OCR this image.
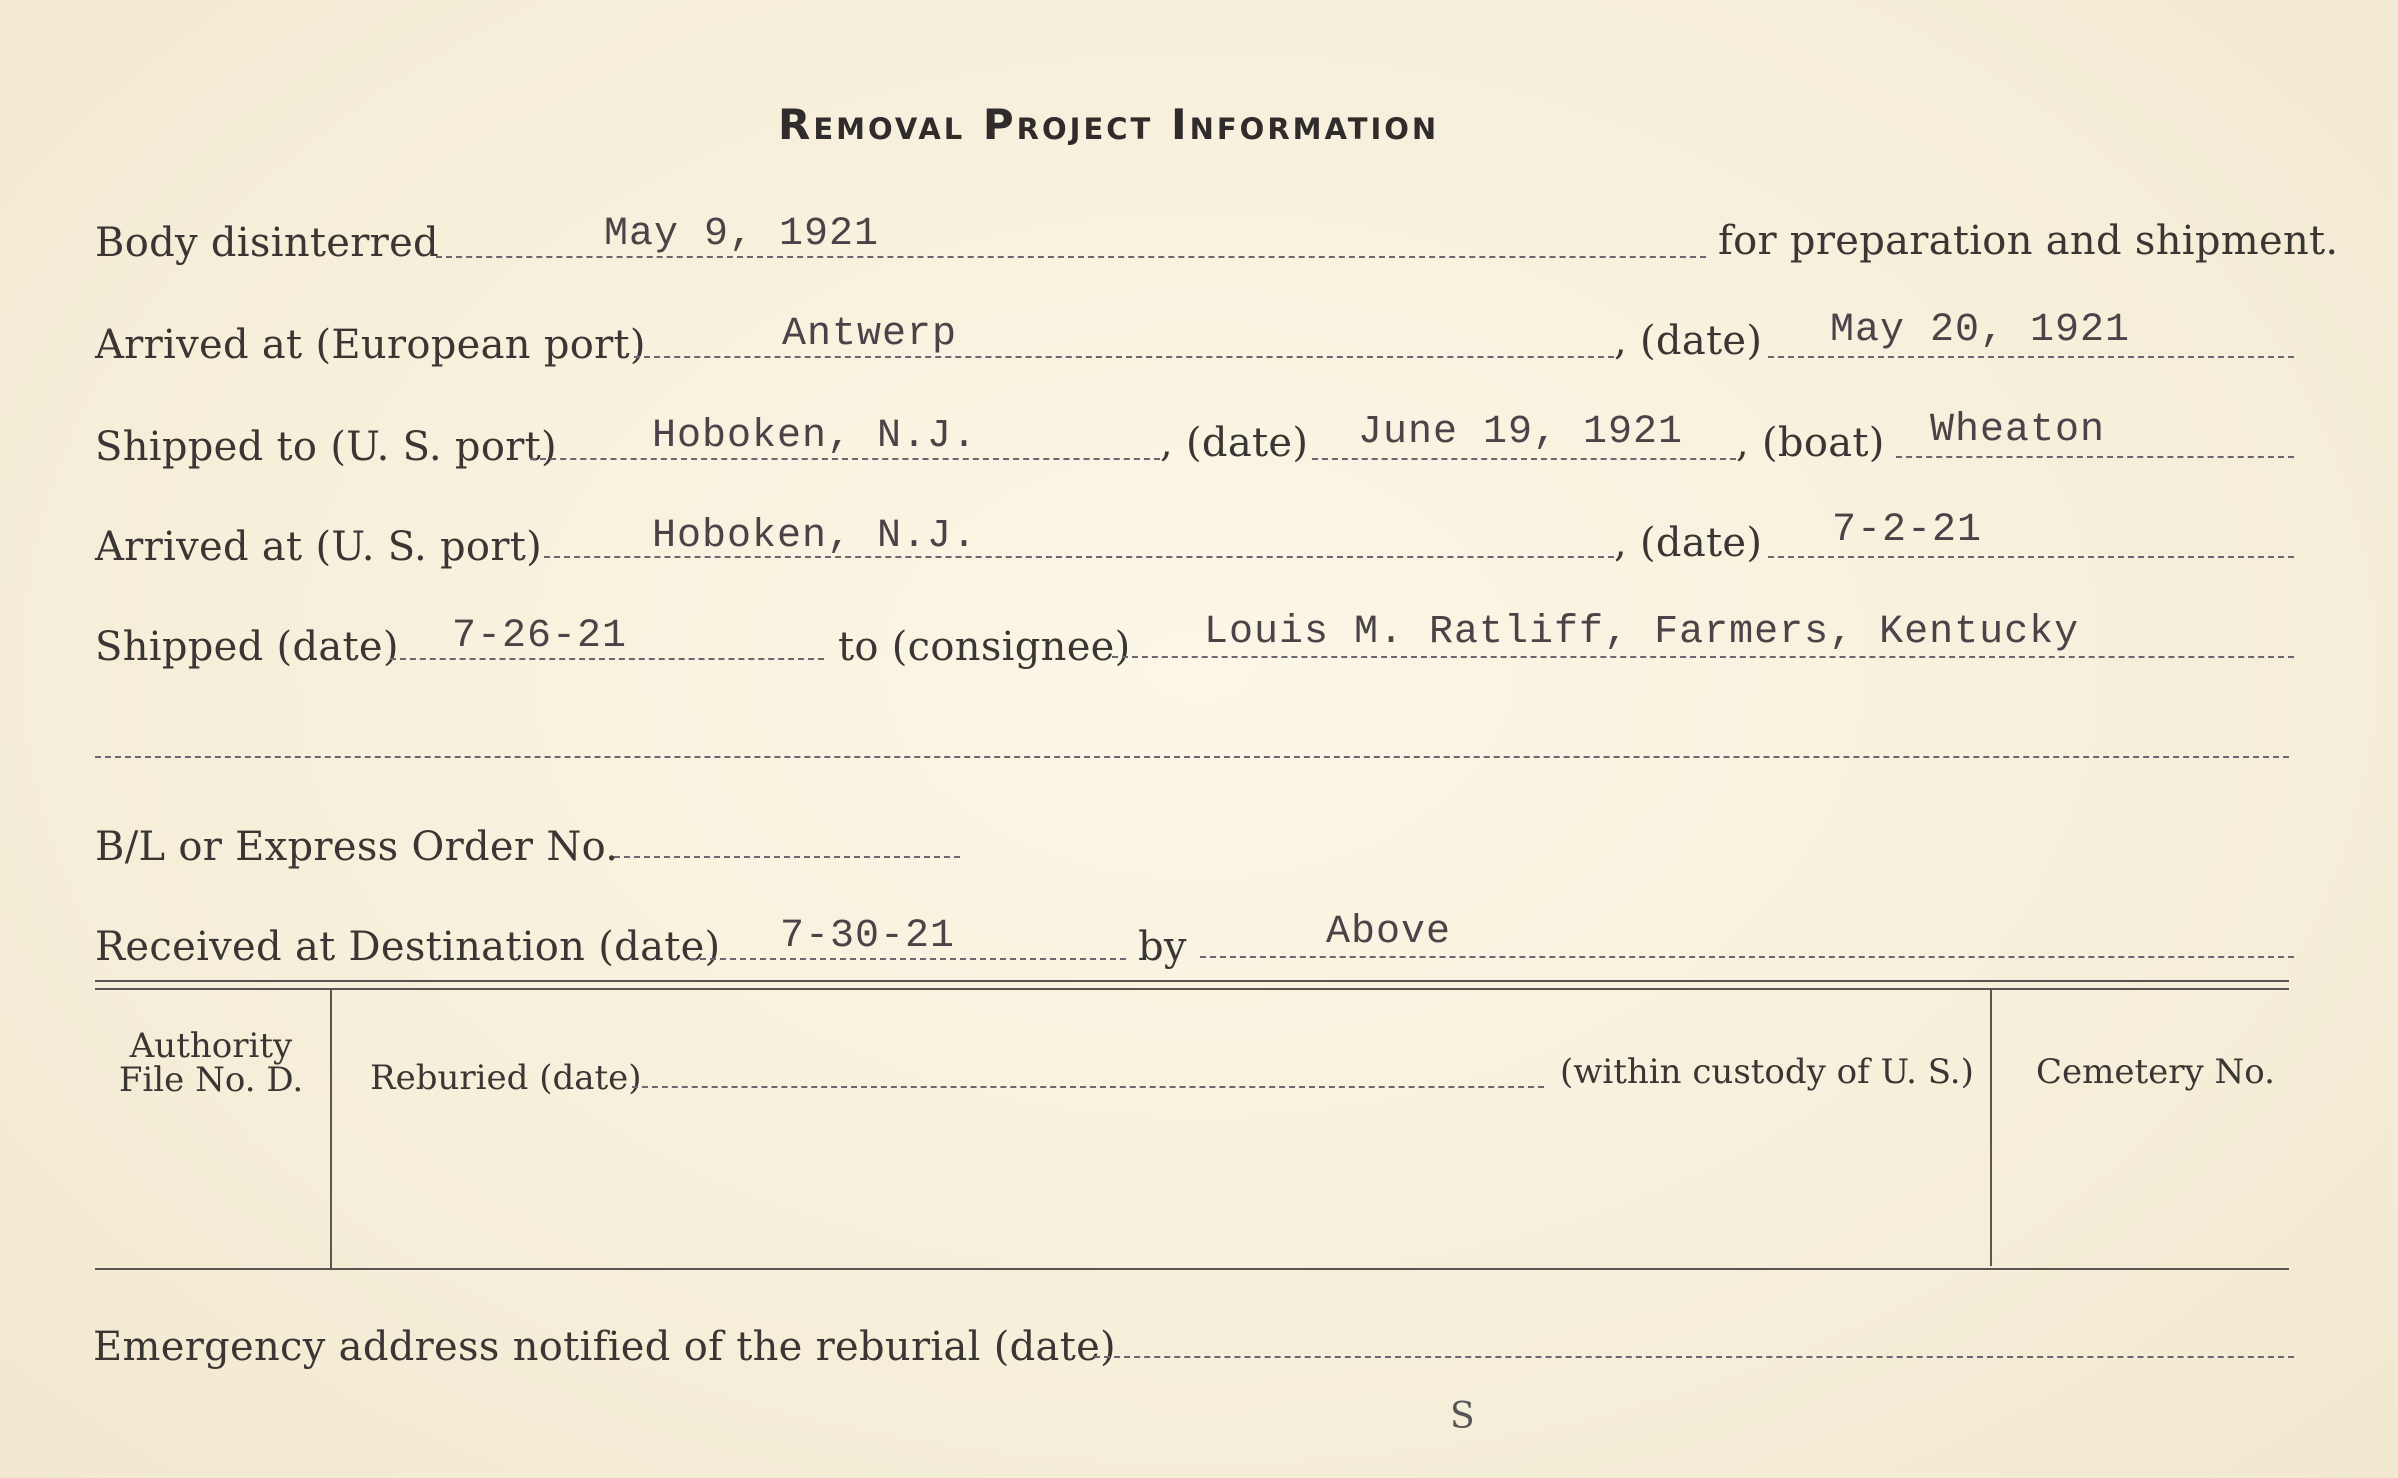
Removal Project Information
Body disinterred	May 9, 1921	for preparation and shipment.
Arrived at (European port)	Antwerp	, (date) May 20, 1921
Shipped to (U. S. port) Hoboken, N.J.	, (date) June 19, 1921 , (boat) Wheaton
Arrived at (U. S. port)	Hoboken, N.J.	, (date) 7-2-21
Shipped (date) 7-26-21	to (consignee) Louis M. Ratliff, Farmers, Kentucky
B/L or Express Order No.
Received at Destination (date) 7-30-21	by	Above
Authority
File No. D.	Reburied (date)	(within custody of U. S.) Cemetery No.
Emergency address notified of the reburial (date)
S
